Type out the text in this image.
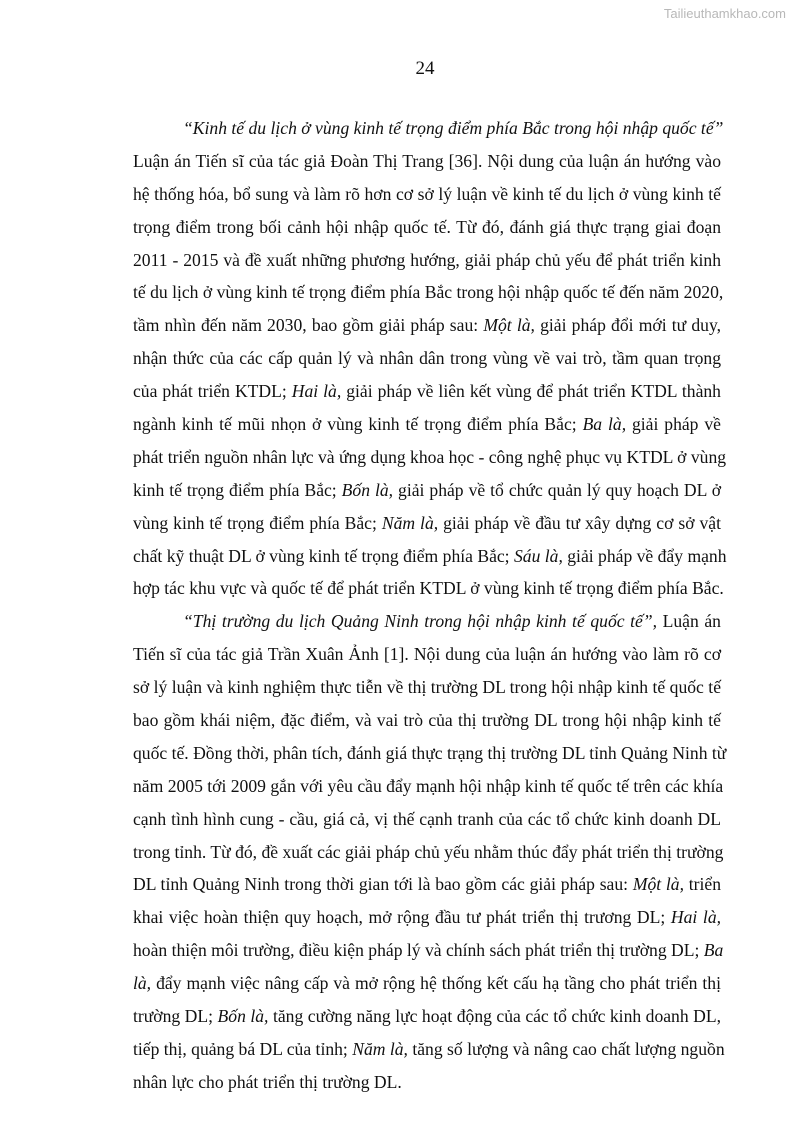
Tailieuthamkhao.com
24
“Kinh tế du lịch ở vùng kinh tế trọng điểm phía Bắc trong hội nhập quốc tế”
Luận án Tiến sĩ của tác giả Đoàn Thị Trang [36]. Nội dung của luận án hướng vào
hệ thống hóa, bổ sung và làm rõ hơn cơ sở lý luận về kinh tế du lịch ở vùng kinh tế
trọng điểm trong bối cảnh hội nhập quốc tế. Từ đó, đánh giá thực trạng giai đoạn
2011 - 2015 và đề xuất những phương hướng, giải pháp chủ yếu để phát triển kinh
tế du lịch ở vùng kinh tế trọng điểm phía Bắc trong hội nhập quốc tế đến năm 2020,
tầm nhìn đến năm 2030, bao gồm giải pháp sau: Một là, giải pháp đổi mới tư duy,
nhận thức của các cấp quản lý và nhân dân trong vùng về vai trò, tầm quan trọng
của phát triển KTDL; Hai là, giải pháp về liên kết vùng để phát triển KTDL thành
ngành kinh tế mũi nhọn ở vùng kinh tế trọng điểm phía Bắc; Ba là, giải pháp về
phát triển nguồn nhân lực và ứng dụng khoa học - công nghệ phục vụ KTDL ở vùng
kinh tế trọng điểm phía Bắc; Bốn là, giải pháp về tổ chức quản lý quy hoạch DL ở
vùng kinh tế trọng điểm phía Bắc; Năm là, giải pháp về đầu tư xây dựng cơ sở vật
chất kỹ thuật DL ở vùng kinh tế trọng điểm phía Bắc; Sáu là, giải pháp về đẩy mạnh
hợp tác khu vực và quốc tế để phát triển KTDL ở vùng kinh tế trọng điểm phía Bắc.
“Thị trường du lịch Quảng Ninh trong hội nhập kinh tế quốc tế”, Luận án
Tiến sĩ của tác giả Trần Xuân Ảnh [1]. Nội dung của luận án hướng vào làm rõ cơ
sở lý luận và kinh nghiệm thực tiễn về thị trường DL trong hội nhập kinh tế quốc tế
bao gồm khái niệm, đặc điểm, và vai trò của thị trường DL trong hội nhập kinh tế
quốc tế. Đồng thời, phân tích, đánh giá thực trạng thị trường DL tỉnh Quảng Ninh từ
năm 2005 tới 2009 gắn với yêu cầu đẩy mạnh hội nhập kinh tế quốc tế trên các khía
cạnh tình hình cung - cầu, giá cả, vị thế cạnh tranh của các tổ chức kinh doanh DL
trong tỉnh. Từ đó, đề xuất các giải pháp chủ yếu nhằm thúc đẩy phát triển thị trường
DL tỉnh Quảng Ninh trong thời gian tới là bao gồm các giải pháp sau: Một là, triển
khai việc hoàn thiện quy hoạch, mở rộng đầu tư phát triển thị trương DL; Hai là,
hoàn thiện môi trường, điều kiện pháp lý và chính sách phát triển thị trường DL; Ba
là, đẩy mạnh việc nâng cấp và mở rộng hệ thống kết cấu hạ tầng cho phát triển thị
trường DL; Bốn là, tăng cường năng lực hoạt động của các tổ chức kinh doanh DL,
tiếp thị, quảng bá DL của tỉnh; Năm là, tăng số lượng và nâng cao chất lượng nguồn
nhân lực cho phát triển thị trường DL.
